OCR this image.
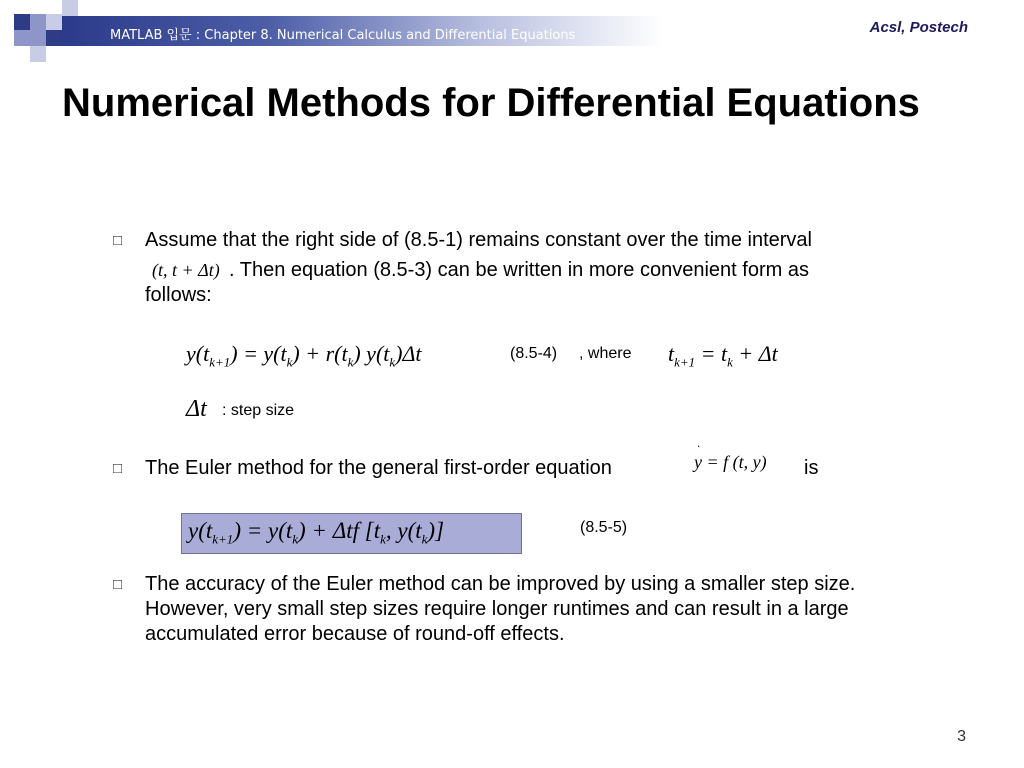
MATLAB 입문 : Chapter 8. Numerical Calculus and Differential Equations	Acsl, Postech
Numerical Methods for Differential Equations
□ Assume that the right side of (8.5-1) remains constant over the time interval
(t, t + Δt) . Then equation (8.5-3) can be written in more convenient form as
follows:
$y(t_{k+1}) = y(t_k) + r(t_k)$ $y(t_k)\Delta t$	(8.5-4) , where $t_{k+1} = t_k + \Delta t$
Δt : step size
□ The Euler method for the general first-order equation
.
y = f (t, y) is
$y(t_{k+1}) = y(t_k) + \Delta tf$ [$t_k$, $y(t_k)$]	(8.5-5)
□ The accuracy of the Euler method can be improved by using a smaller step size.
However, very small step sizes require longer runtimes and can result in a large
accumulated error because of round-off effects.
3
